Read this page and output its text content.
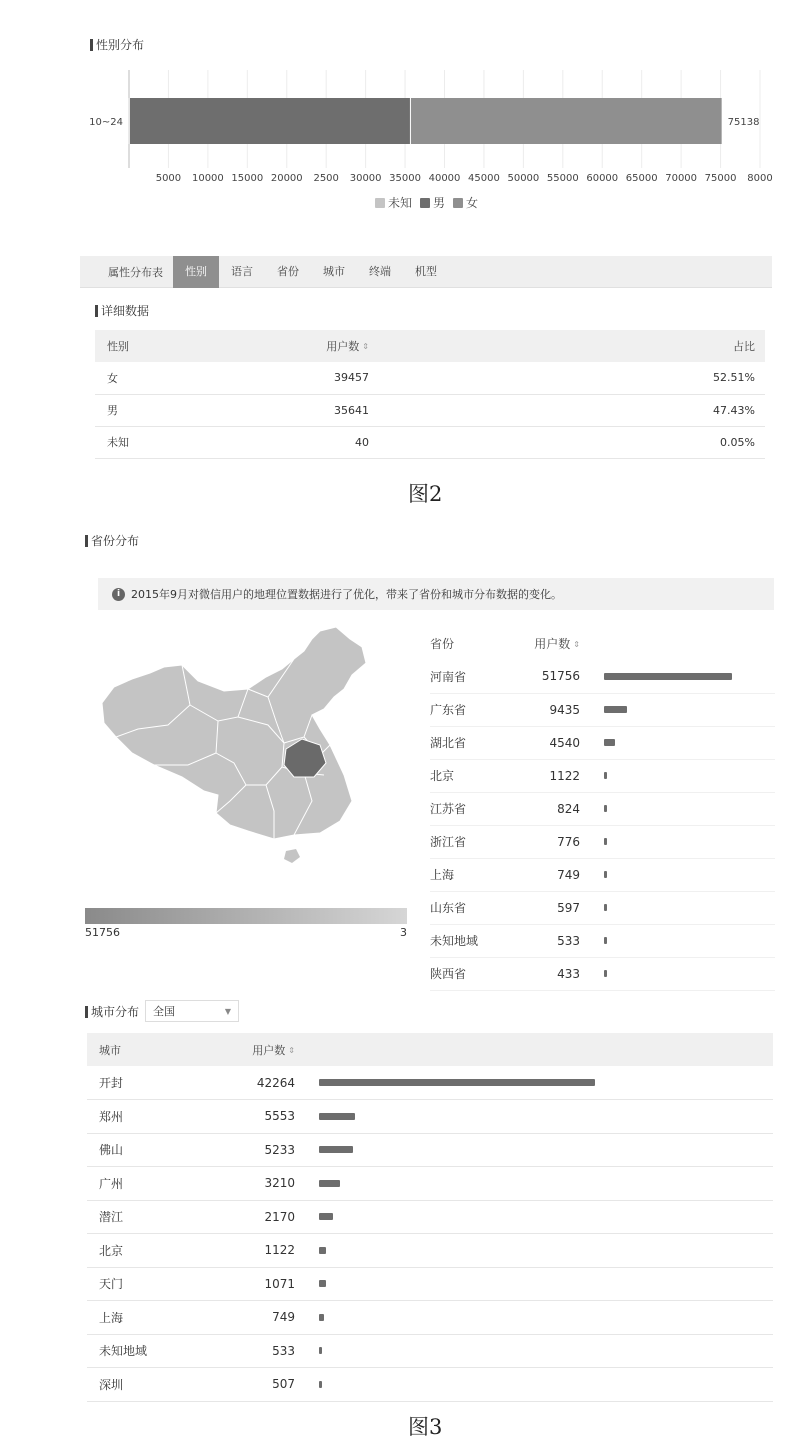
性别分布
10~24	75138
5000 10000 15000 20000 2500 30000 35000 40000 45000 50000 55000 60000 65000 70000 75000 8000
未知 男 女
属性分布表	性别	语言	省份	城市	终端	机型
详细数据
性别	用户数 ⇕	占比
女	39457	52.51%
男	35641	47.43%
未知	40	0.05%
图2
省份分布
i 2015年9月对微信用户的地理位置数据进行了优化，带来了省份和城市分布数据的变化。
51756	3
省份	用户数 ⇕	
河南省	51756	

广东省	9435	

湖北省	4540	

北京	1122	

江苏省	824	

浙江省	776	

上海	749	

山东省	597	

未知地域	533	

陕西省	433	
城市分布 全国	▼
城市	用户数 ⇕	
开封	42264	

郑州	5553	

佛山	5233	

广州	3210	

潜江	2170	

北京	1122	

天门	1071	

上海	749	

未知地域	533	

深圳	507	
图3
